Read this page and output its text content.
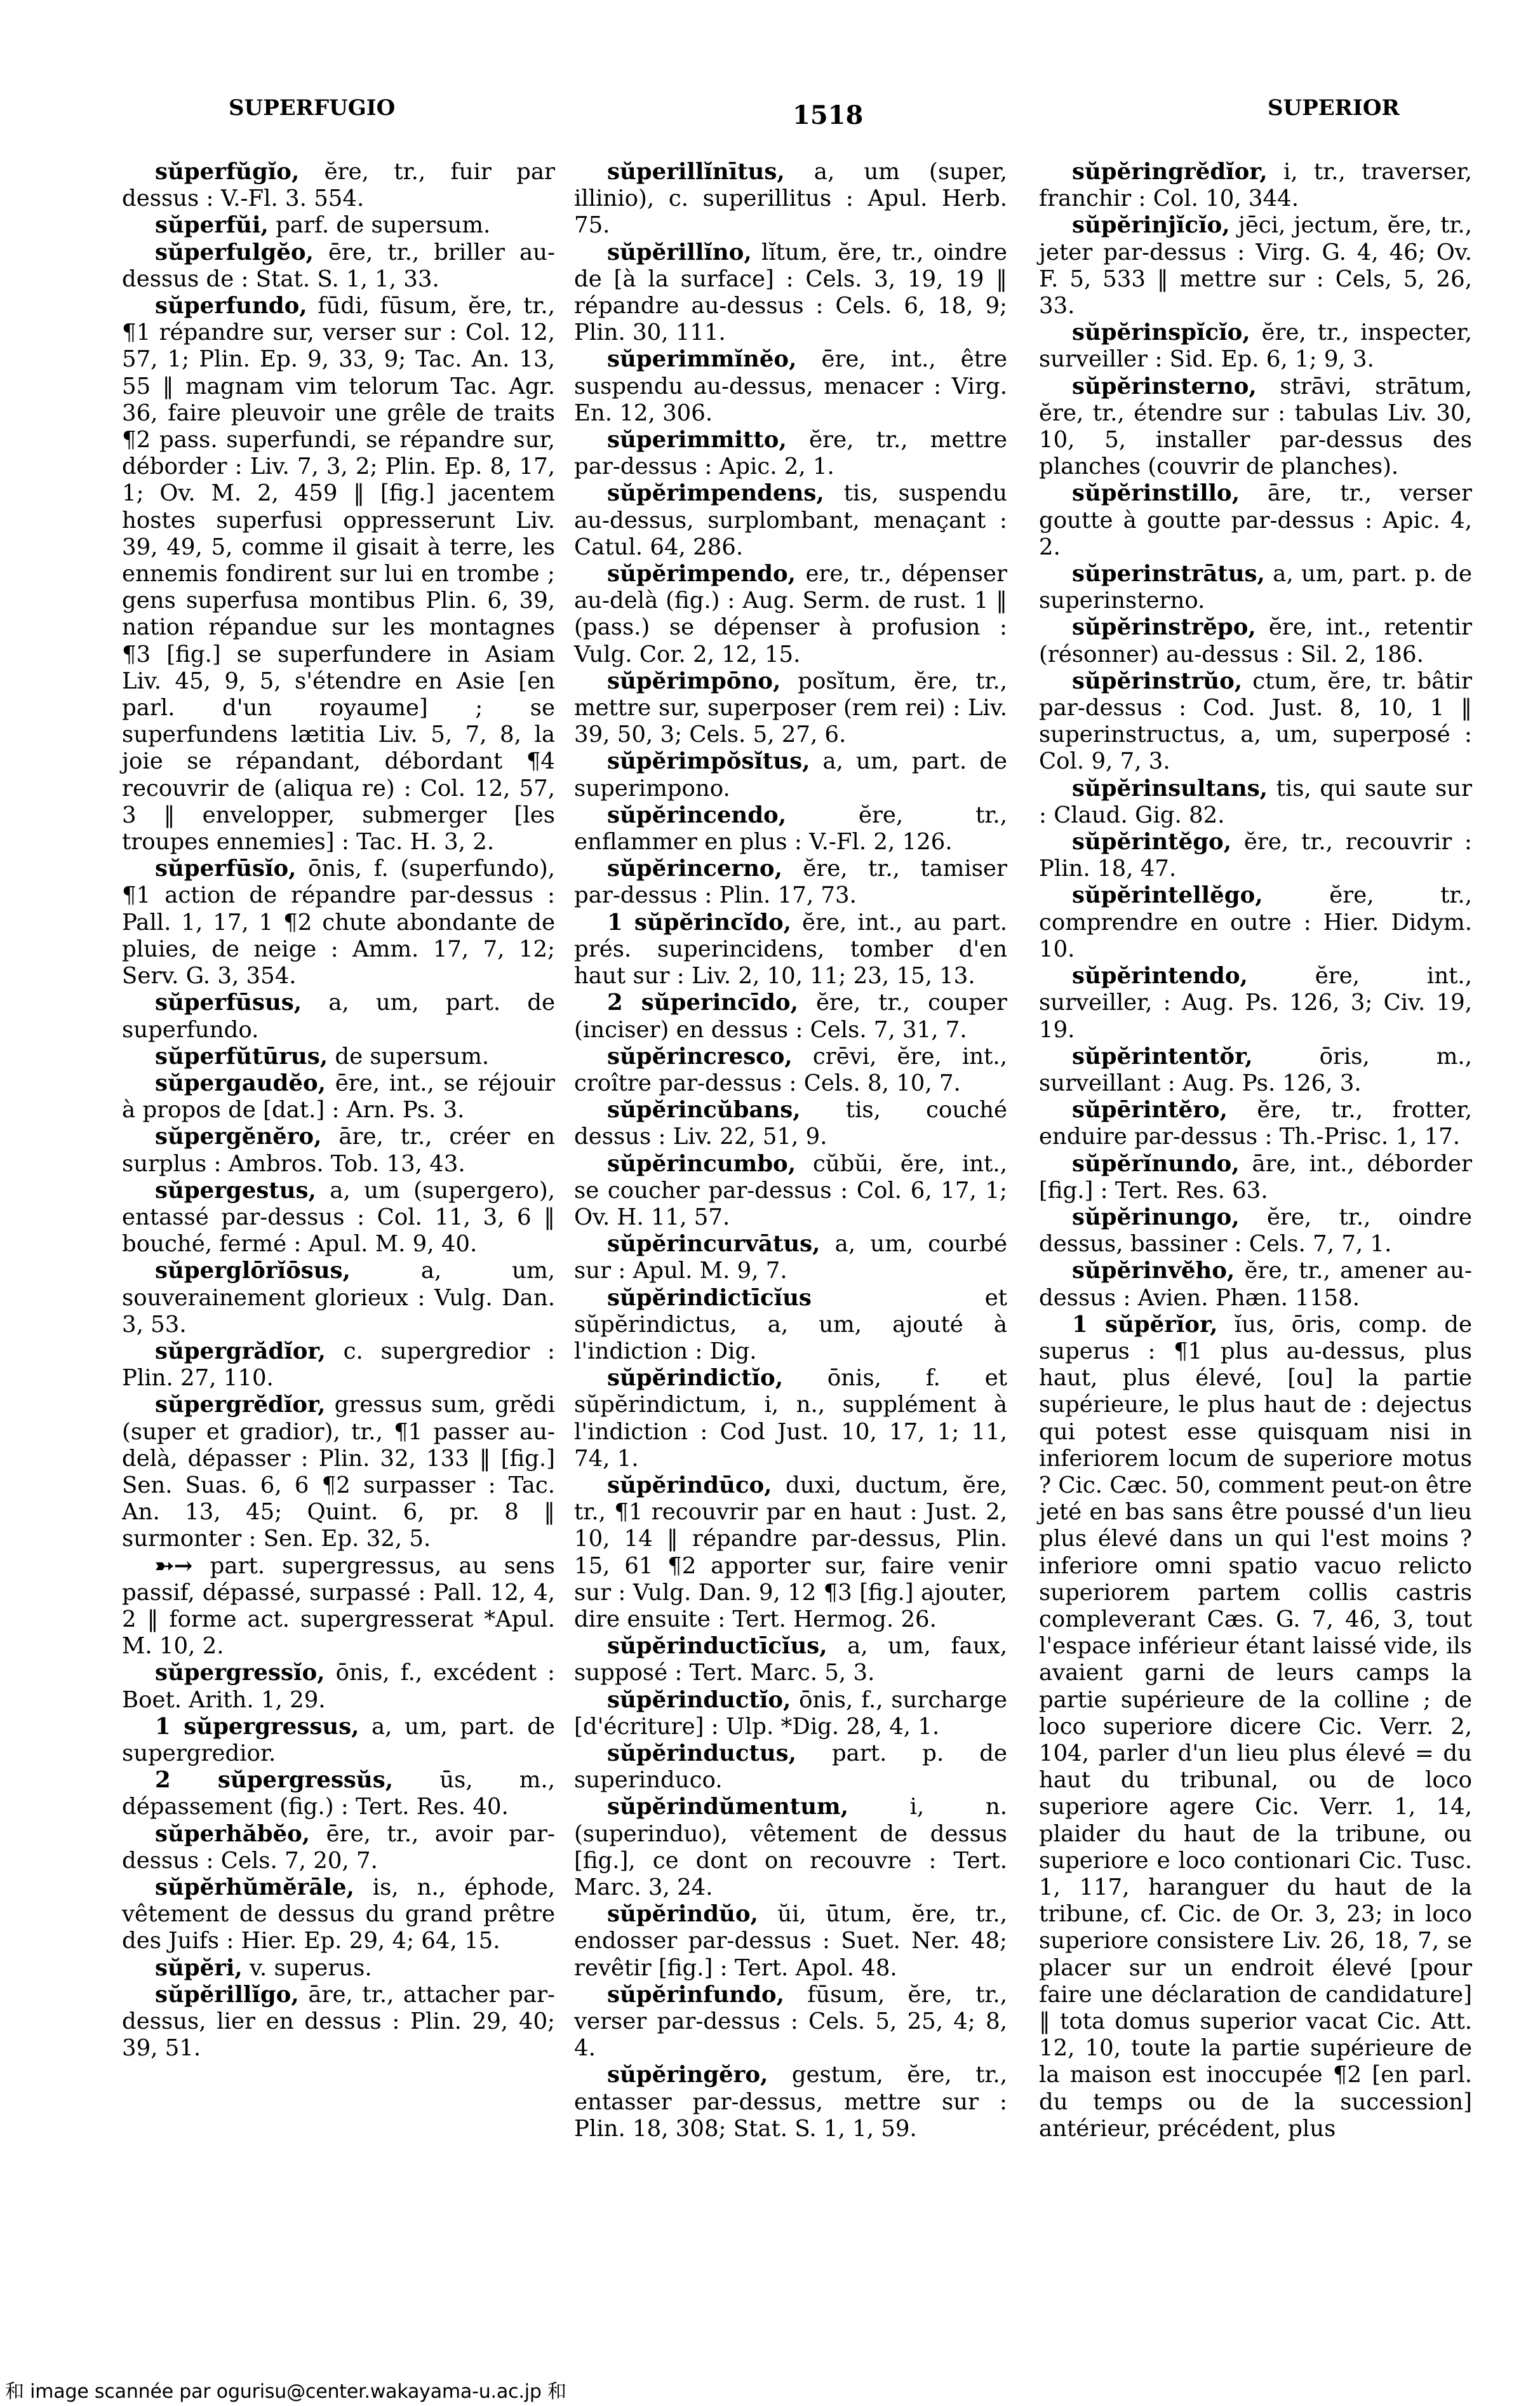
SUPERFUGIO	1518	SUPERIOR

sŭperfŭgĭo, ĕre, tr., fuir par dessus : V.-Fl. 3. 554.

sŭperfŭi, parf. de supersum.

sŭperfulgĕo, ēre, tr., briller au-dessus de : Stat. S. 1, 1, 33.

sŭperfundo, fūdi, fūsum, ĕre, tr., ¶1 répandre sur, verser sur : Col. 12, 57, 1; Plin. Ep. 9, 33, 9; Tac. An. 13, 55 ‖ magnam vim telorum Tac. Agr. 36, faire pleuvoir une grêle de traits ¶2 pass. superfundi, se répandre sur, déborder : Liv. 7, 3, 2; Plin. Ep. 8, 17, 1; Ov. M. 2, 459 ‖ [fig.] jacentem hostes superfusi oppresserunt Liv. 39, 49, 5, comme il gisait à terre, les ennemis fondirent sur lui en trombe ; gens superfusa montibus Plin. 6, 39, nation répandue sur les montagnes ¶3 [fig.] se superfundere in Asiam Liv. 45, 9, 5, s'étendre en Asie [en parl. d'un royaume] ; se superfundens lætitia Liv. 5, 7, 8, la joie se répandant, débordant ¶4 recouvrir de (aliqua re) : Col. 12, 57, 3 ‖ envelopper, submerger [les troupes ennemies] : Tac. H. 3, 2.

sŭperfūsĭo, ōnis, f. (superfundo), ¶1 action de répandre par-dessus : Pall. 1, 17, 1 ¶2 chute abondante de pluies, de neige : Amm. 17, 7, 12; Serv. G. 3, 354.

sŭperfūsus, a, um, part. de superfundo.

sŭperfŭtūrus, de supersum.

sŭpergaudĕo, ēre, int., se réjouir à propos de [dat.] : Arn. Ps. 3.

sŭpergĕnĕro, āre, tr., créer en surplus : Ambros. Tob. 13, 43.

sŭpergestus, a, um (supergero), entassé par-dessus : Col. 11, 3, 6 ‖ bouché, fermé : Apul. M. 9, 40.

sŭperglōrĭōsus, a, um, souverainement glorieux : Vulg. Dan. 3, 53.

sŭpergrădĭor, c. supergredior : Plin. 27, 110.

sŭpergrĕdĭor, gressus sum, grĕdi (super et gradior), tr., ¶1 passer au-delà, dépasser : Plin. 32, 133 ‖ [fig.] Sen. Suas. 6, 6 ¶2 surpasser : Tac. An. 13, 45; Quint. 6, pr. 8 ‖ surmonter : Sen. Ep. 32, 5.

➳→ part. supergressus, au sens passif, dépassé, surpassé : Pall. 12, 4, 2 ‖ forme act. supergresserat *Apul. M. 10, 2.

sŭpergressĭo, ōnis, f., excédent : Boet. Arith. 1, 29.

1 sŭpergressus, a, um, part. de supergredior.

2 sŭpergressŭs, ūs, m., dépassement (fig.) : Tert. Res. 40.

sŭperhăbĕo, ēre, tr., avoir par-dessus : Cels. 7, 20, 7.

sŭpĕrhŭmĕrāle, is, n., éphode, vêtement de dessus du grand prêtre des Juifs : Hier. Ep. 29, 4; 64, 15.

sŭpĕri, v. superus.

sŭpĕrillĭgo, āre, tr., attacher par-dessus, lier en dessus : Plin. 29, 40; 39, 51.

sŭperillĭnītus, a, um (super, illinio), c. superillitus : Apul. Herb. 75.

sŭpĕrillĭno, lĭtum, ĕre, tr., oindre de [à la surface] : Cels. 3, 19, 19 ‖ répandre au-dessus : Cels. 6, 18, 9; Plin. 30, 111.

sŭperimmĭnĕo, ēre, int., être suspendu au-dessus, menacer : Virg. En. 12, 306.

sŭperimmitto, ĕre, tr., mettre par-dessus : Apic. 2, 1.

sŭpĕrimpendens, tis, suspendu au-dessus, surplombant, menaçant : Catul. 64, 286.

sŭpĕrimpendo, ere, tr., dépenser au-delà (fig.) : Aug. Serm. de rust. 1 ‖ (pass.) se dépenser à profusion : Vulg. Cor. 2, 12, 15.

sŭpĕrimpōno, posĭtum, ĕre, tr., mettre sur, superposer (rem rei) : Liv. 39, 50, 3; Cels. 5, 27, 6.

sŭpĕrimpŏsĭtus, a, um, part. de superimpono.

sŭpĕrincendo, ĕre, tr., enflammer en plus : V.-Fl. 2, 126.

sŭpĕrincerno, ĕre, tr., tamiser par-dessus : Plin. 17, 73.

1 sŭpĕrincĭdo, ĕre, int., au part. prés. superincidens, tomber d'en haut sur : Liv. 2, 10, 11; 23, 15, 13.

2 sŭperincīdo, ĕre, tr., couper (inciser) en dessus : Cels. 7, 31, 7.

sŭpĕrincresco, crēvi, ĕre, int., croître par-dessus : Cels. 8, 10, 7.

sŭpĕrincŭbans, tis, couché dessus : Liv. 22, 51, 9.

sŭpĕrincumbo, cŭbŭi, ĕre, int., se coucher par-dessus : Col. 6, 17, 1; Ov. H. 11, 57.

sŭpĕrincurvātus, a, um, courbé sur : Apul. M. 9, 7.

sŭpĕrindictīcĭus et sŭpĕrindictus, a, um, ajouté à l'indiction : Dig.

sŭpĕrindictĭo, ōnis, f. et sŭpĕrindictum, i, n., supplément à l'indiction : Cod Just. 10, 17, 1; 11, 74, 1.

sŭpĕrindūco, duxi, ductum, ĕre, tr., ¶1 recouvrir par en haut : Just. 2, 10, 14 ‖ répandre par-dessus, Plin. 15, 61 ¶2 apporter sur, faire venir sur : Vulg. Dan. 9, 12 ¶3 [fig.] ajouter, dire ensuite : Tert. Hermog. 26.

sŭpĕrinductīcĭus, a, um, faux, supposé : Tert. Marc. 5, 3.

sŭpĕrinductĭo, ōnis, f., surcharge [d'écriture] : Ulp. *Dig. 28, 4, 1.

sŭpĕrinductus, part. p. de superinduco.

sŭpĕrindŭmentum, i, n. (superinduo), vêtement de dessus [fig.], ce dont on recouvre : Tert. Marc. 3, 24.

sŭpĕrindŭo, ŭi, ūtum, ĕre, tr., endosser par-dessus : Suet. Ner. 48; revêtir [fig.] : Tert. Apol. 48.

sŭpĕrinfundo, fūsum, ĕre, tr., verser par-dessus : Cels. 5, 25, 4; 8, 4.

sŭpĕringĕro, gestum, ĕre, tr., entasser par-dessus, mettre sur : Plin. 18, 308; Stat. S. 1, 1, 59.

sŭpĕringrĕdĭor, i, tr., traverser, franchir : Col. 10, 344.

sŭpĕrinjĭcĭo, jēci, jectum, ĕre, tr., jeter par-dessus : Virg. G. 4, 46; Ov. F. 5, 533 ‖ mettre sur : Cels, 5, 26, 33.

sŭpĕrinspĭcĭo, ĕre, tr., inspecter, surveiller : Sid. Ep. 6, 1; 9, 3.

sŭpĕrinsterno, strāvi, strātum, ĕre, tr., étendre sur : tabulas Liv. 30, 10, 5, installer par-dessus des planches (couvrir de planches).

sŭpĕrinstillo, āre, tr., verser goutte à goutte par-dessus : Apic. 4, 2.

sŭperinstrātus, a, um, part. p. de superinsterno.

sŭpĕrinstrĕpo, ĕre, int., retentir (résonner) au-dessus : Sil. 2, 186.

sŭpĕrinstrŭo, ctum, ĕre, tr. bâtir par-dessus : Cod. Just. 8, 10, 1 ‖ superinstructus, a, um, superposé : Col. 9, 7, 3.

sŭpĕrinsultans, tis, qui saute sur : Claud. Gig. 82.

sŭpĕrintĕgo, ĕre, tr., recouvrir : Plin. 18, 47.

sŭpĕrintellĕgo, ĕre, tr., comprendre en outre : Hier. Didym. 10.

sŭpĕrintendo, ĕre, int., surveiller, : Aug. Ps. 126, 3; Civ. 19, 19.

sŭpĕrintentŏr, ōris, m., surveillant : Aug. Ps. 126, 3.

sŭpērintĕro, ĕre, tr., frotter, enduire par-dessus : Th.-Prisc. 1, 17.

sŭpĕrĭnundo, āre, int., déborder [fig.] : Tert. Res. 63.

sŭpĕrinungo, ĕre, tr., oindre dessus, bassiner : Cels. 7, 7, 1.

sŭpĕrinvĕho, ĕre, tr., amener au-dessus : Avien. Phæn. 1158.

1 sŭpĕrĭor, ĭus, ōris, comp. de superus : ¶1 plus au-dessus, plus haut, plus élevé, [ou] la partie supérieure, le plus haut de : dejectus qui potest esse quisquam nisi in inferiorem locum de superiore motus ? Cic. Cæc. 50, comment peut-on être jeté en bas sans être poussé d'un lieu plus élevé dans un qui l'est moins ? inferiore omni spatio vacuo relicto superiorem partem collis castris compleverant Cæs. G. 7, 46, 3, tout l'espace inférieur étant laissé vide, ils avaient garni de leurs camps la partie supérieure de la colline ; de loco superiore dicere Cic. Verr. 2, 104, parler d'un lieu plus élevé = du haut du tribunal, ou de loco superiore agere Cic. Verr. 1, 14, plaider du haut de la tribune, ou superiore e loco contionari Cic. Tusc. 1, 117, haranguer du haut de la tribune, cf. Cic. de Or. 3, 23; in loco superiore consistere Liv. 26, 18, 7, se placer sur un endroit élevé [pour faire une déclaration de candidature] ‖ tota domus superior vacat Cic. Att. 12, 10, toute la partie supérieure de la maison est inoccupée ¶2 [en parl. du temps ou de la succession] antérieur, précédent, plus

和 image scannée par ogurisu@center.wakayama-u.ac.jp 和
